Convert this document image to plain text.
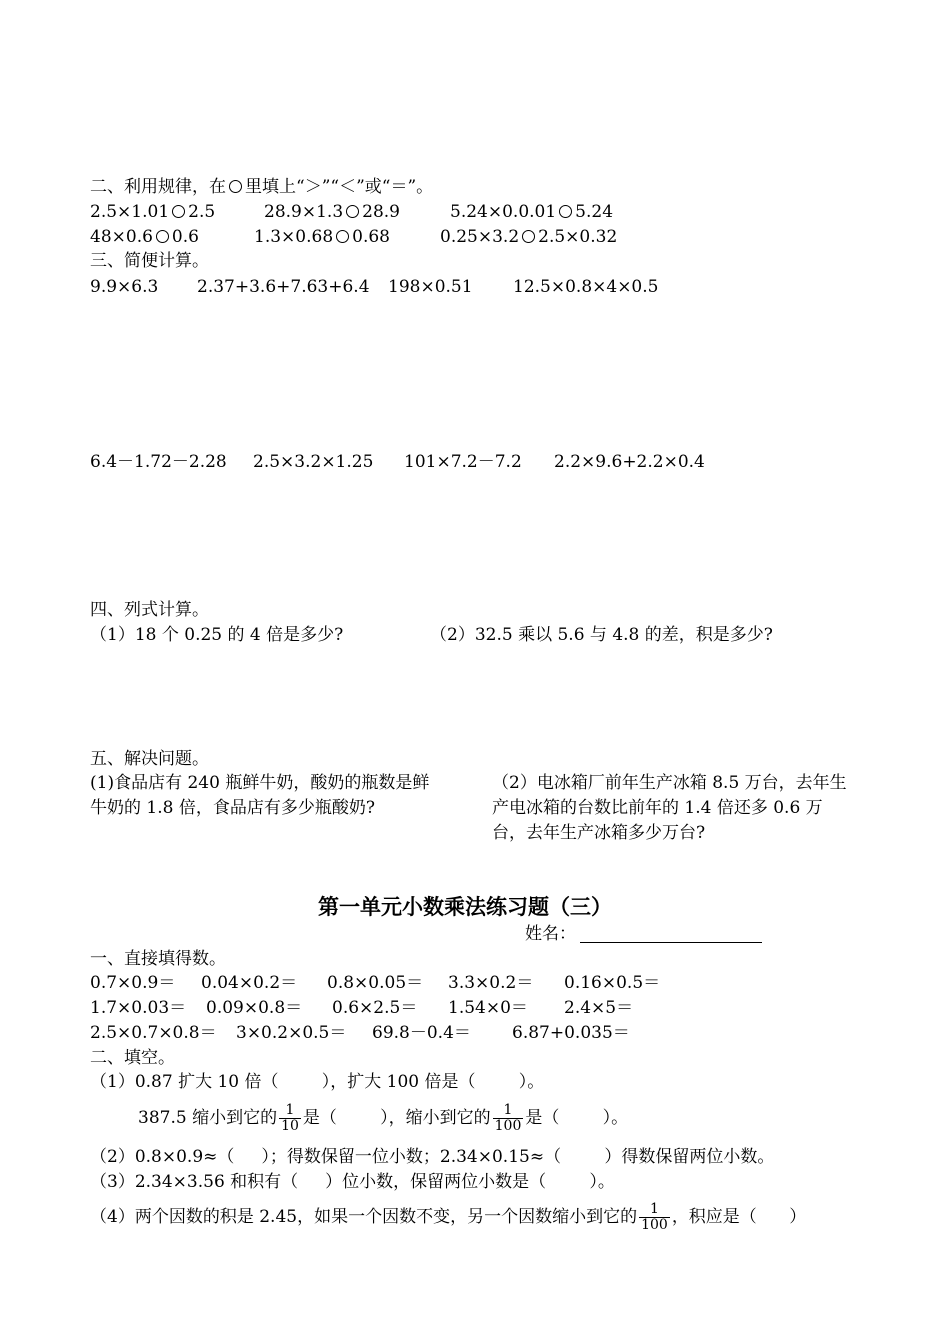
二、利用规律，在 里填上“＞”“＜”或“＝”。
2.5×1.01 2.5	28.9×1.3 28.9	5.24×0.0.01 5.24
48×0.6 0.6	1.3×0.68 0.68	0.25×3.2 2.5×0.32
三、简便计算。
9.9×6.3 2.37+3.6+7.63+6.4 198×0.51 12.5×0.8×4×0.5
6.4－1.72－2.28 2.5×3.2×1.25 101×7.2－7.2 2.2×9.6+2.2×0.4
四、列式计算。
（1）18 个 0.25 的 4 倍是多少?	（2）32.5 乘以 5.6 与 4.8 的差，积是多少?
五、解决问题。
(1)食品店有 240 瓶鲜牛奶，酸奶的瓶数是鲜
牛奶的 1.8 倍，食品店有多少瓶酸奶?
（2）电冰箱厂前年生产冰箱 8.5 万台，去年生
产电冰箱的台数比前年的 1.4 倍还多 0.6 万
台，去年生产冰箱多少万台?
第一单元小数乘法练习题（三）
姓名：
一、直接填得数。
0.7×0.9＝ 0.04×0.2＝ 0.8×0.05＝ 3.3×0.2＝ 0.16×0.5＝
1.7×0.03＝ 0.09×0.8＝ 0.6×2.5＝ 1.54×0＝ 2.4×5＝
2.5×0.7×0.8＝ 3×0.2×0.5＝ 69.8－0.4＝ 6.87+0.035＝
二、填空。
（1）0.87 扩大 10 倍（        ），扩大 100 倍是（        ）。
387.5 缩小到它的 $\frac{1}{10}$ 是（        ），缩小到它的 $\frac{1}{100}$ 是（        ）。
（2）0.8×0.9≈（     ）；得数保留一位小数；2.34×0.15≈（        ）得数保留两位小数。
（3）2.34×3.56 和积有（     ）位小数，保留两位小数是（        ）。
（4）两个因数的积是 2.45，如果一个因数不变，另一个因数缩小到它的 $\frac{1}{100}$ ，积应是（      ）
